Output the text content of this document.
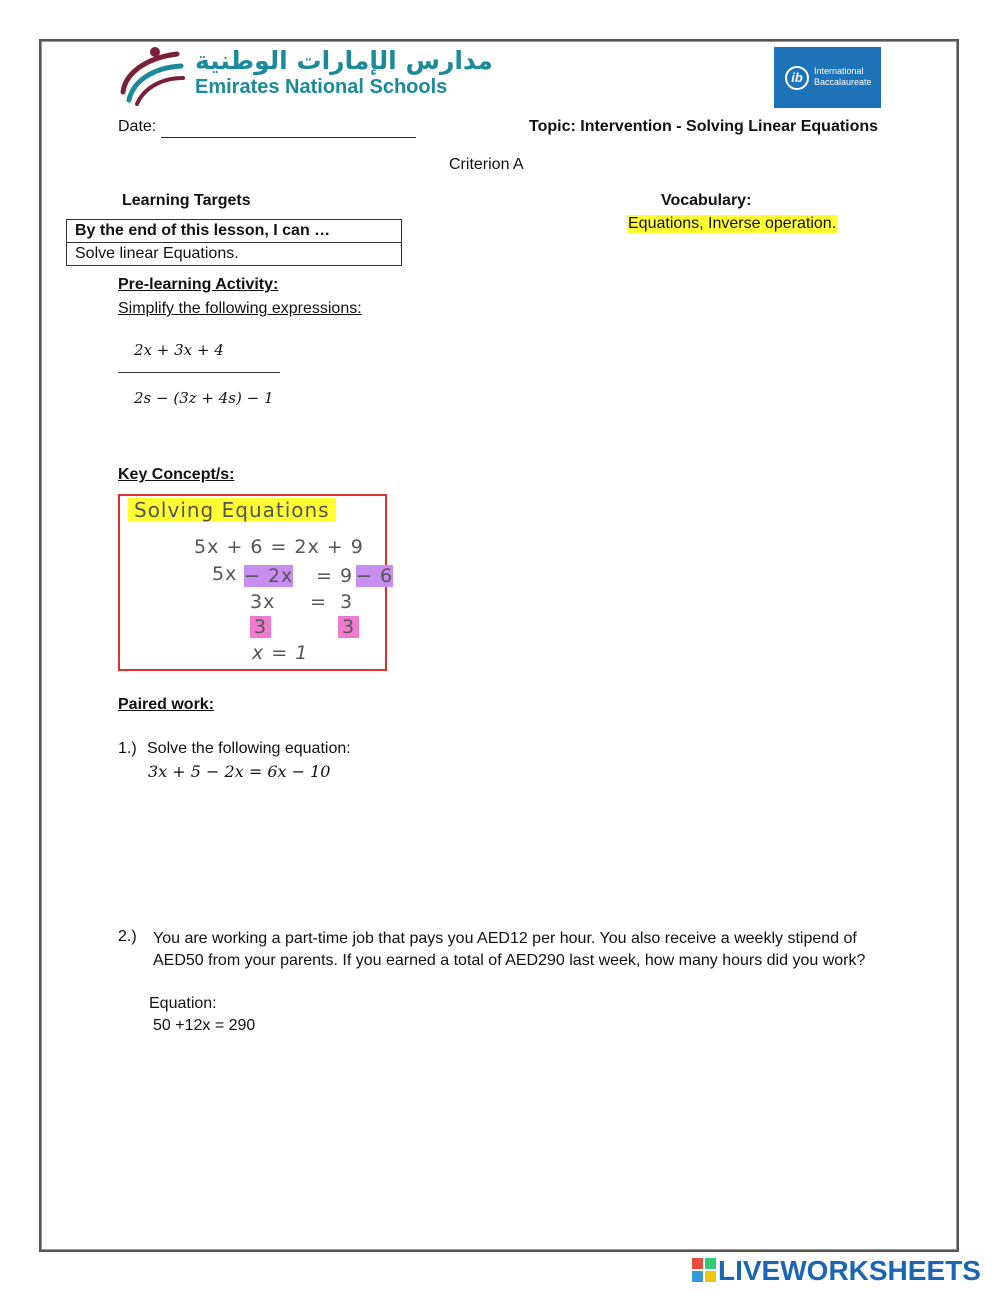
مدارس الإمارات الوطنية
Emirates National Schools	ib	International
Baccalaureate
Date:	Topic: Intervention - Solving Linear Equations
Criterion A
Learning Targets
By the end of this lesson, I can …
Solve linear Equations.
Vocabulary:
Equations, Inverse operation.
Pre-learning Activity:
Simplify the following expressions:
2x + 3x + 4
2s − (3z + 4s) − 1
Key Concept/s:
Solving Equations
5x + 6 = 2x + 9
5x − 2x = 9 − 6
3x = 3
3	3
x = 1
Paired work:
1.) Solve the following equation:
3x + 5 − 2x = 6x − 10
2.) You are working a part-time job that pays you AED12 per hour. You also receive a weekly stipend of AED50 from your parents. If you earned a total of AED290 last week, how many hours did you work?
Equation:
50 +12x = 290
LIVEWORKSHEETS
